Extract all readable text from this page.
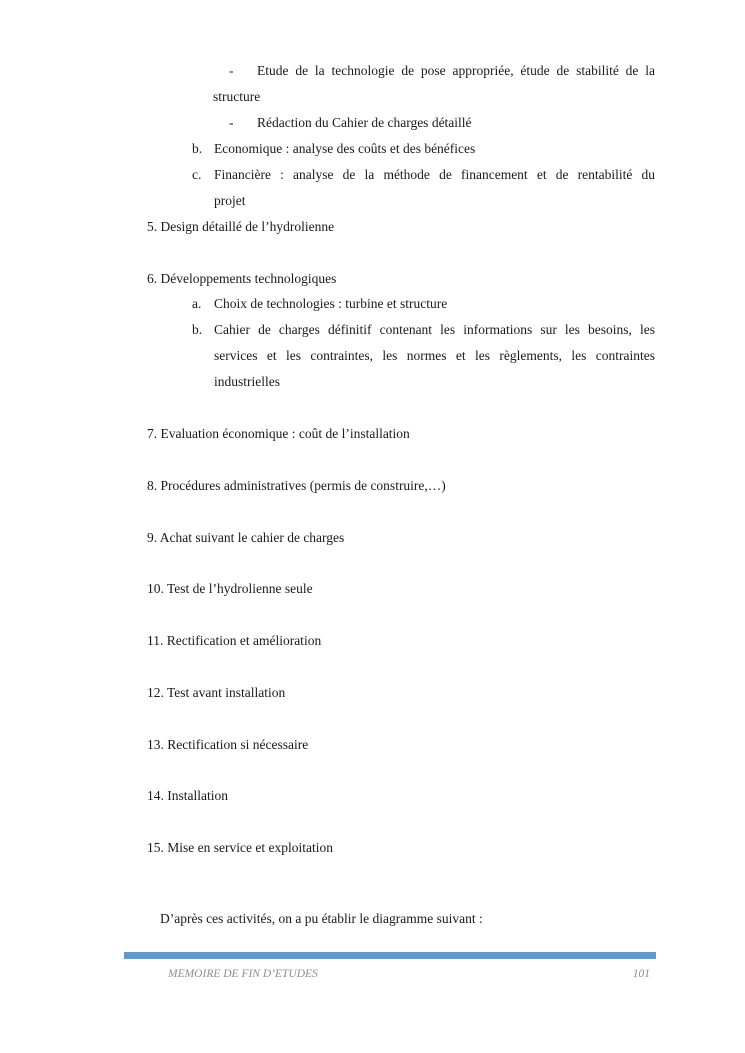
- Etude de la technologie de pose appropriée, étude de stabilité de la
structure
- Rédaction du Cahier de charges détaillé
b. Economique : analyse des coûts et des bénéfices
c. Financière : analyse de la méthode de financement et de rentabilité du
projet
5. Design détaillé de l’hydrolienne
6. Développements technologiques
a. Choix de technologies : turbine et structure
b. Cahier de charges définitif contenant les informations sur les besoins, les
services et les contraintes, les normes et les règlements, les contraintes
industrielles
7. Evaluation économique : coût de l’installation
8. Procédures administratives (permis de construire,…)
9. Achat suivant le cahier de charges
10. Test de l’hydrolienne seule
11. Rectification et amélioration
12. Test avant installation
13. Rectification si nécessaire
14. Installation
15. Mise en service et exploitation
D’après ces activités, on a pu établir le diagramme suivant :
MEMOIRE DE FIN D’ETUDES	101
